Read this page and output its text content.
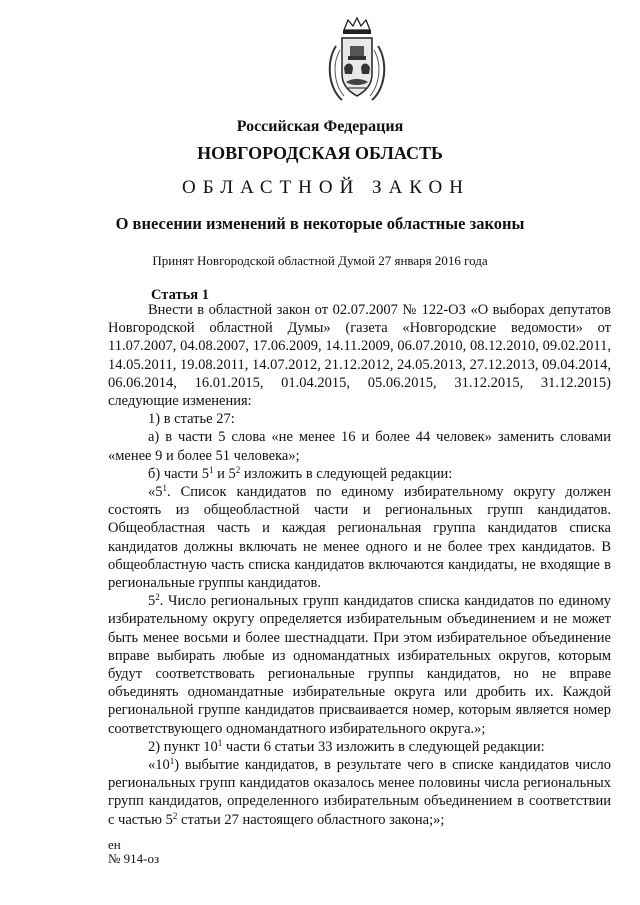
Российская Федерация
НОВГОРОДСКАЯ ОБЛАСТЬ
ОБЛАСТНОЙ ЗАКОН
О внесении изменений в некоторые областные законы
Принят Новгородской областной Думой 27 января 2016 года
Статья 1

Внести в областной закон от 02.07.2007 № 122-ОЗ «О выборах депутатов Новгородской областной Думы» (газета «Новгородские ведомости» от 11.07.2007, 04.08.2007, 17.06.2009, 14.11.2009, 06.07.2010, 08.12.2010, 09.02.2011, 14.05.2011, 19.08.2011, 14.07.2012, 21.12.2012, 24.05.2013, 27.12.2013, 09.04.2014, 06.06.2014, 16.01.2015, 01.04.2015, 05.06.2015, 31.12.2015, 31.12.2015) следующие изменения:

1) в статье 27:

а) в части 5 слова «не менее 16 и более 44 человек» заменить словами «менее 9 и более 51 человека»;

б) части $5^1$ и $5^2$ изложить в следующей редакции:

«$5^1$. Список кандидатов по единому избирательному округу должен состоять из общеобластной части и региональных групп кандидатов. Общеобластная часть и каждая региональная группа кандидатов списка кандидатов должны включать не менее одного и не более трех кандидатов. В общеобластную часть списка кандидатов включаются кандидаты, не входящие в региональные группы кандидатов.

$5^2$. Число региональных групп кандидатов списка кандидатов по единому избирательному округу определяется избирательным объединением и не может быть менее восьми и более шестнадцати. При этом избирательное объединение вправе выбирать любые из одномандатных избирательных округов, которым будут соответствовать региональные группы кандидатов, но не вправе объединять одномандатные избирательные округа или дробить их. Каждой региональной группе кандидатов присваивается номер, которым является номер соответствующего одномандатного избирательного округа.»;

2) пункт $10^1$ части 6 статьи 33 изложить в следующей редакции:

«$10^1$) выбытие кандидатов, в результате чего в списке кандидатов число региональных групп кандидатов оказалось менее половины числа региональных групп кандидатов, определенного избирательным объединением в соответствии с частью $5^2$ статьи 27 настоящего областного закона;»;

ен
№ 914-оз
